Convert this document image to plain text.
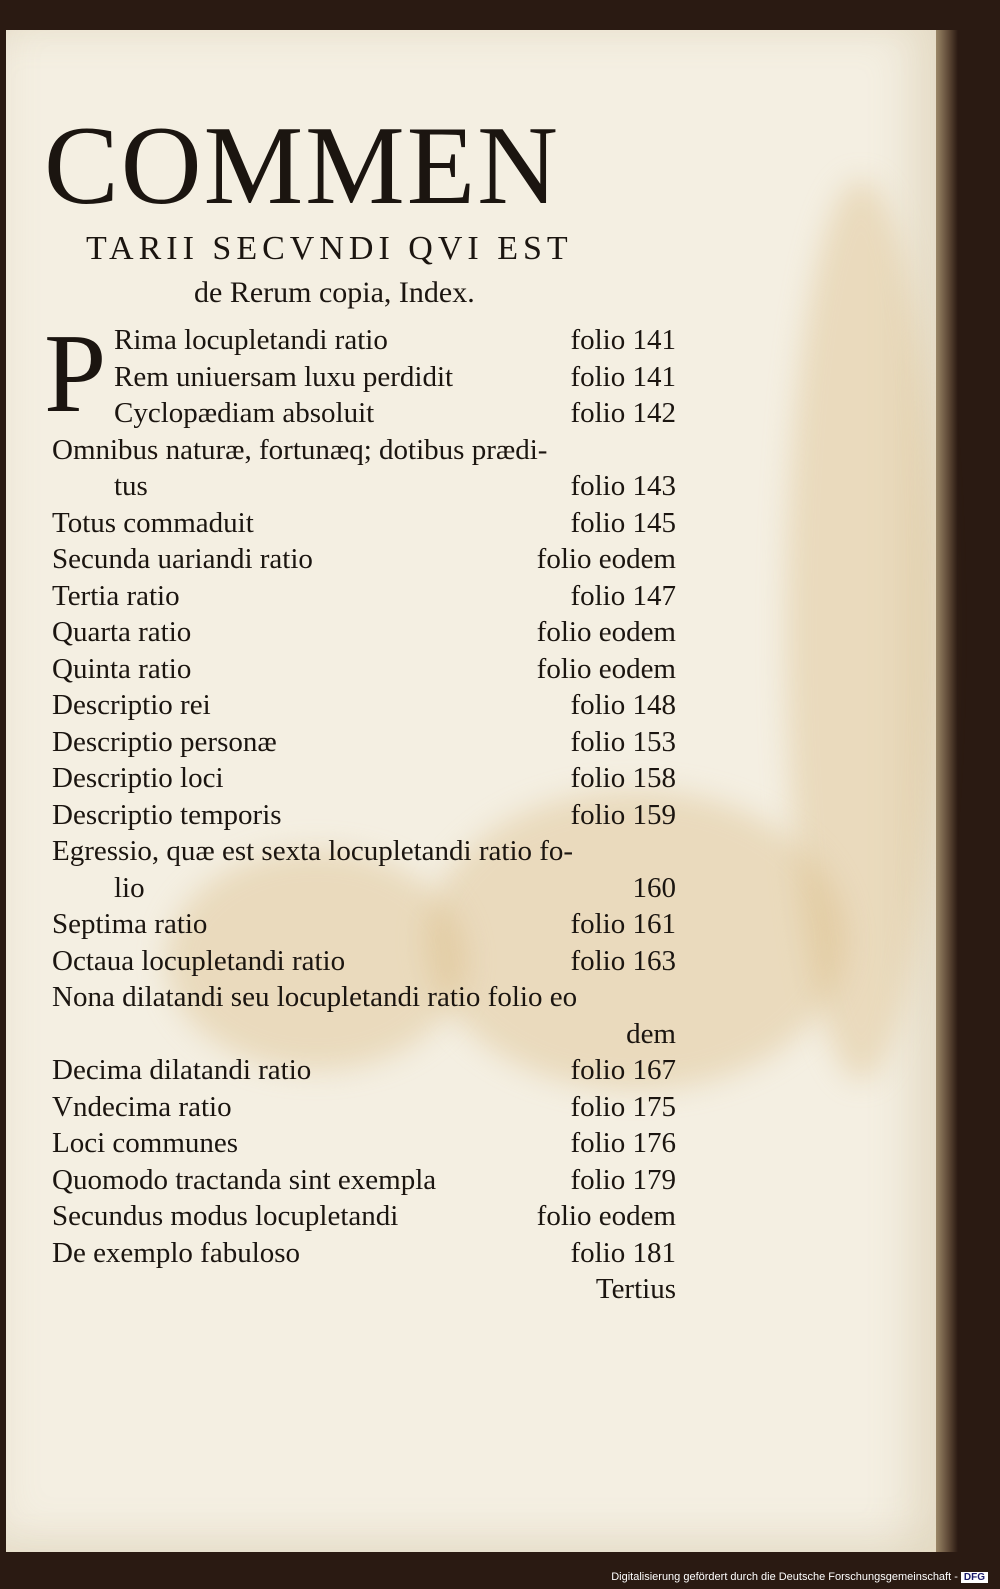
COMMEN
TARII SECVNDI QVI EST
de Rerum copia, Index.
P Rima locupletandi ratio	folio 141
Rem uniuersam luxu perdidit	folio 141
Cyclopædiam absoluit	folio 142
Omnibus naturæ, fortunæq; dotibus prædi-
tus	folio 143
Totus commaduit	folio 145
Secunda uariandi ratio	folio eodem
Tertia ratio	folio 147
Quarta ratio	folio eodem
Quinta ratio	folio eodem
Descriptio rei	folio 148
Descriptio personæ	folio 153
Descriptio loci	folio 158
Descriptio temporis	folio 159
Egressio, quæ est sexta locupletandi ratio fo-
lio	160
Septima ratio	folio 161
Octaua locupletandi ratio	folio 163
Nona dilatandi seu locupletandi ratio folio eo
dem
Decima dilatandi ratio	folio 167
Vndecima ratio	folio 175
Loci communes	folio 176
Quomodo tractanda sint exempla	folio 179
Secundus modus locupletandi	folio eodem
De exemplo fabuloso	folio 181
Tertius
Digitalisierung gefördert durch die Deutsche Forschungsgemeinschaft - DFG
